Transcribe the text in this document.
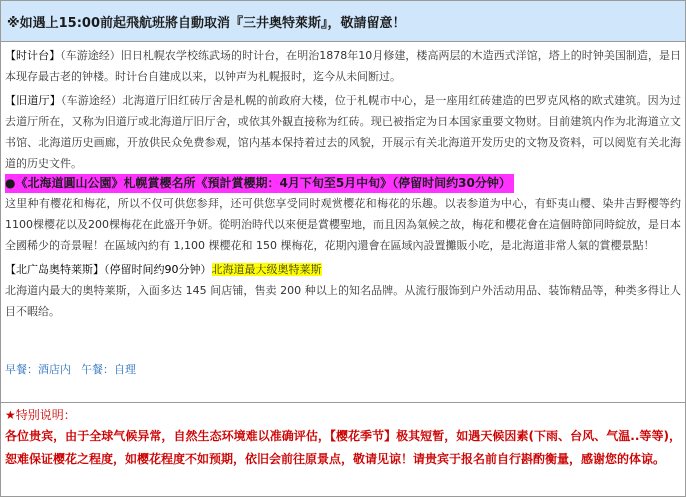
※如遇上15:00前起飛航班將自動取消『三井奥特萊斯』，敬請留意！
【时计台】（车游途经）旧日札幌农学校练武场的时计台，在明治1878年10月修建，楼高两层的木造西式洋馆，塔上的时钟美国制造，是日本现存最古老的钟楼。时计台自建成以来，以钟声为札幌报时，迄今从未间断过。
【旧道厅】（车游途经）北海道厅旧红砖厅舍是札幌的前政府大楼，位于札幌市中心，是一座用红砖建造的巴罗克风格的欧式建筑。因为过去道厅所在，又称为旧道厅或北海道厅旧厅舍，或依其外観直接称为红砖。现已被指定为日本国家重要文物财。目前建筑内作为北海道立文书馆、北海道历史画廊，开放供民众免费参观，馆内基本保持着过去的风貌，开展示有关北海道开发历史的文物及资料，可以阅览有关北海道的历史文件。
●《北海道圓山公園》札幌賞櫻名所《預計賞櫻期：4月下旬至5月中旬》（停留时间约30分钟）
这里种有樱花和梅花，所以不仅可供您参拜，还可供您享受同时观赏樱花和梅花的乐趣。以表参道为中心，有虾夷山樱、染井吉野樱等约1100棵樱花以及200棵梅花在此盛开争妍。從明治時代以來便是賞櫻聖地，而且因為氣候之故，梅花和櫻花會在這個時節同時綻放，是日本全國稀少的奇景喔！在區域內約有 1,100 棵櫻花和 150 棵梅花，花期內還會在區域內設置攤販小吃，是北海道非常人氣的賞櫻景點！
【北广岛奥特莱斯】（停留时间约90分钟）北海道最大级奥特莱斯
北海道内最大的奥特莱斯，入面多达 145 间店铺，售卖 200 种以上的知名品牌。从流行服饰到户外活动用品、装饰精品等，种类多得让人目不暇给。
早餐：酒店内 午餐：自理
★特别说明：
各位贵宾，由于全球气候异常，自然生态环境难以准确评估，【樱花季节】极其短暂，如遇天候因素(下雨、台风、气温..等等)，恕难保证樱花之程度，如樱花程度不如预期，依旧会前往原景点，敬请见谅！请贵宾于报名前自行斟酌衡量，感谢您的体谅。
